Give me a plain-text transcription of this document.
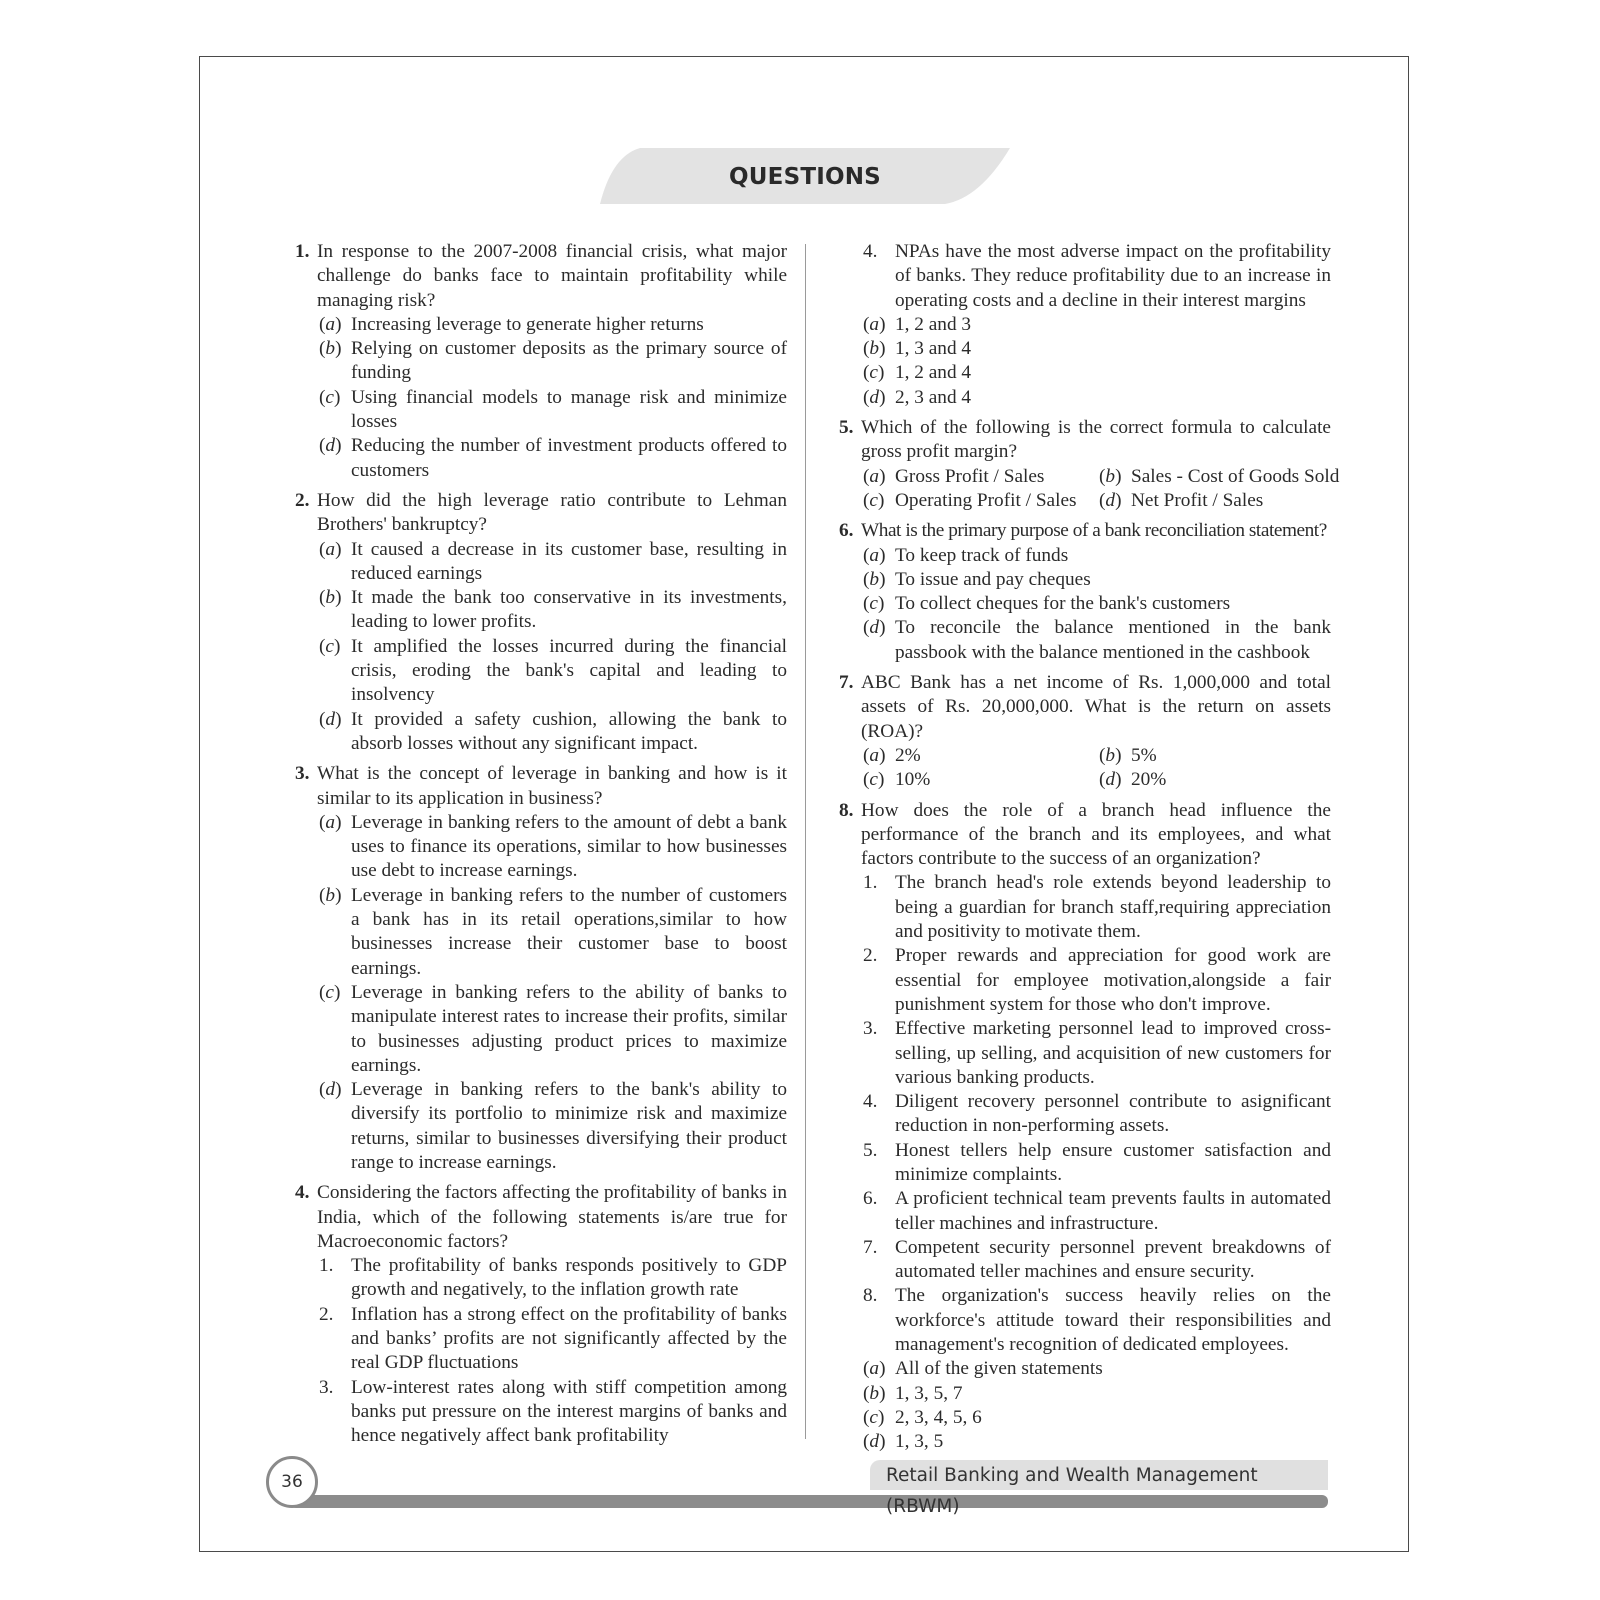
QUESTIONS
1. In response to the 2007-2008 financial crisis, what major challenge do banks face to maintain profitability while managing risk?
(a) Increasing leverage to generate higher returns
(b) Relying on customer deposits as the primary source of funding
(c) Using financial models to manage risk and minimize losses
(d) Reducing the number of investment products offered to customers
2. How did the high leverage ratio contribute to Lehman Brothers' bankruptcy?
(a) It caused a decrease in its customer base, resulting in reduced earnings
(b) It made the bank too conservative in its investments, leading to lower profits.
(c) It amplified the losses incurred during the financial crisis, eroding the bank's capital and leading to insolvency
(d) It provided a safety cushion, allowing the bank to absorb losses without any significant impact.
3. What is the concept of leverage in banking and how is it similar to its application in business?
(a) Leverage in banking refers to the amount of debt a bank uses to finance its operations, similar to how businesses use debt to increase earnings.
(b) Leverage in banking refers to the number of customers a bank has in its retail operations,similar to how businesses increase their customer base to boost earnings.
(c) Leverage in banking refers to the ability of banks to manipulate interest rates to increase their profits, similar to businesses adjusting product prices to maximize earnings.
(d) Leverage in banking refers to the bank's ability to diversify its portfolio to minimize risk and maximize returns, similar to businesses diversifying their product range to increase earnings.
4. Considering the factors affecting the profitability of banks in India, which of the following statements is/are true for Macroeconomic factors?
1. The profitability of banks responds positively to GDP growth and negatively, to the inflation growth rate
2. Inflation has a strong effect on the profitability of banks and banks’ profits are not significantly affected by the real GDP fluctuations
3. Low-interest rates along with stiff competition among banks put pressure on the interest margins of banks and hence negatively affect bank profitability
4. NPAs have the most adverse impact on the profitability of banks. They reduce profitability due to an increase in operating costs and a decline in their interest margins
(a) 1, 2 and 3
(b) 1, 3 and 4
(c) 1, 2 and 4
(d) 2, 3 and 4
5. Which of the following is the correct formula to calculate gross profit margin?
(a) Gross Profit / Sales	(b) Sales - Cost of Goods Sold
(c) Operating Profit / Sales	(d) Net Profit / Sales
6. What is the primary purpose of a bank reconciliation statement?
(a) To keep track of funds
(b) To issue and pay cheques
(c) To collect cheques for the bank's customers
(d) To reconcile the balance mentioned in the bank passbook with the balance mentioned in the cashbook
7. ABC Bank has a net income of Rs. 1,000,000 and total assets of Rs. 20,000,000. What is the return on assets (ROA)?
(a) 2%	(b) 5%
(c) 10%	(d) 20%
8. How does the role of a branch head influence the performance of the branch and its employees, and what factors contribute to the success of an organization?
1. The branch head's role extends beyond leadership to being a guardian for branch staff,requiring appreciation and positivity to motivate them.
2. Proper rewards and appreciation for good work are essential for employee motivation,alongside a fair punishment system for those who don't improve.
3. Effective marketing personnel lead to improved cross-selling, up selling, and acquisition of new customers for various banking products.
4. Diligent recovery personnel contribute to asignificant reduction in non-performing assets.
5. Honest tellers help ensure customer satisfaction and minimize complaints.
6. A proficient technical team prevents faults in automated teller machines and infrastructure.
7. Competent security personnel prevent breakdowns of automated teller machines and ensure security.
8. The organization's success heavily relies on the workforce's attitude toward their responsibilities and management's recognition of dedicated employees.
(a) All of the given statements
(b) 1, 3, 5, 7
(c) 2, 3, 4, 5, 6
(d) 1, 3, 5
Retail Banking and Wealth Management (RBWM)
36
